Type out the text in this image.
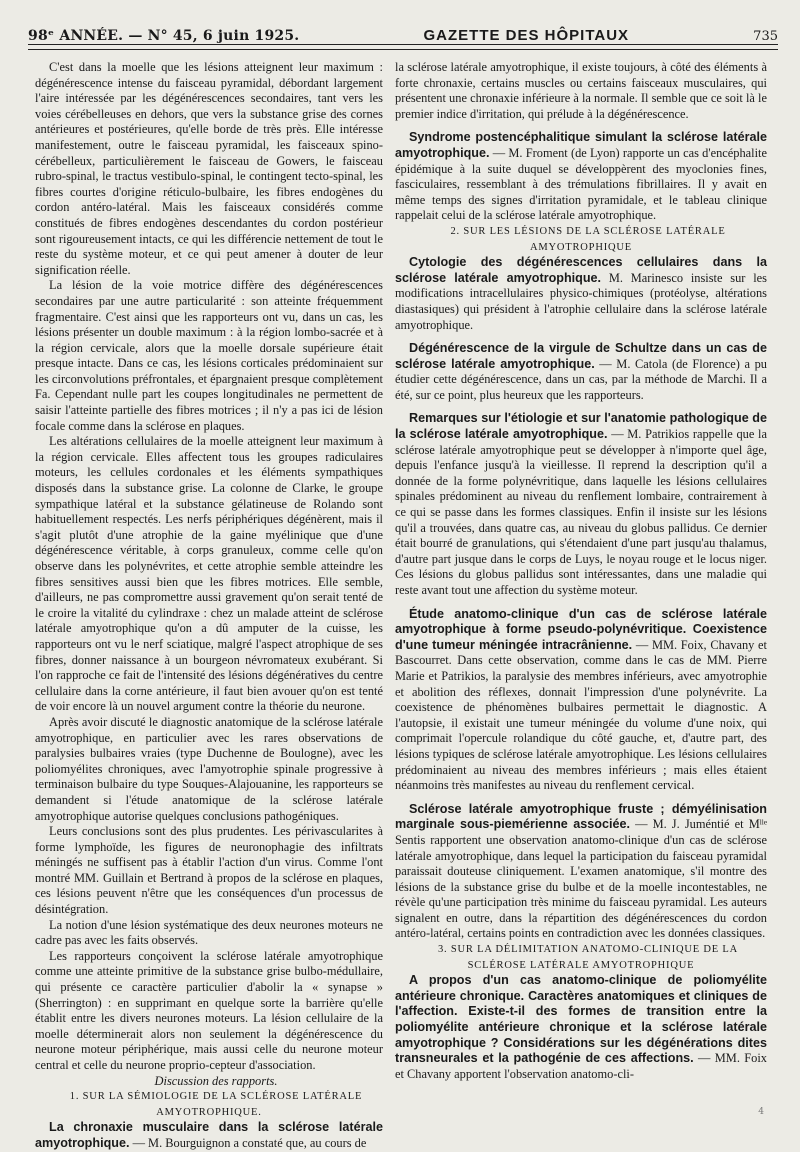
98ᵉ ANNÉE. — N° 45, 6 juin 1925.	GAZETTE DES HÔPITAUX	735

C'est dans la moelle que les lésions atteignent leur maximum : dégénérescence intense du faisceau pyramidal, débordant largement l'aire intéressée par les dégénérescences secondaires, tant vers les voies cérébelleuses en dehors, que vers la substance grise des cornes antérieures et postérieures, qu'elle borde de très près. Elle intéresse manifestement, outre le faisceau pyramidal, les faisceaux spino-cérébelleux, particulièrement le faisceau de Gowers, le faisceau rubro-spinal, le tractus vestibulo-spinal, le contingent tecto-spinal, les fibres courtes d'origine réticulo-bulbaire, les fibres endogènes du cordon antéro-latéral. Mais les faisceaux considérés comme constitués de fibres endogènes descendantes du cordon postérieur sont rigoureusement intacts, ce qui les différencie nettement de tout le reste du système moteur, et ce qui peut amener à douter de leur signification réelle.

La lésion de la voie motrice diffère des dégénérescences secondaires par une autre particularité : son atteinte fréquemment fragmentaire. C'est ainsi que les rapporteurs ont vu, dans un cas, les lésions présenter un double maximum : à la région lombo-sacrée et à la région cervicale, alors que la moelle dorsale supérieure était presque intacte. Dans ce cas, les lésions corticales prédominaient sur les circonvolutions préfrontales, et épargnaient presque complètement Fa. Cependant nulle part les coupes longitudinales ne permettent de saisir l'atteinte partielle des fibres motrices ; il n'y a pas ici de lésion focale comme dans la sclérose en plaques.

Les altérations cellulaires de la moelle atteignent leur maximum à la région cervicale. Elles affectent tous les groupes radiculaires moteurs, les cellules cordonales et les éléments sympathiques disposés dans la substance grise. La colonne de Clarke, le groupe sympathique latéral et la substance gélatineuse de Rolando sont habituellement respectés. Les nerfs périphériques dégénèrent, mais il s'agit plutôt d'une atrophie de la gaine myélinique que d'une dégénérescence véritable, à corps granuleux, comme celle qu'on observe dans les polynévrites, et cette atrophie semble atteindre les fibres sensitives aussi bien que les fibres motrices. Elle semble, d'ailleurs, ne pas compromettre aussi gravement qu'on serait tenté de le croire la vitalité du cylindraxe : chez un malade atteint de sclérose latérale amyotrophique qu'on a dû amputer de la cuisse, les rapporteurs ont vu le nerf sciatique, malgré l'aspect atrophique de ses fibres, donner naissance à un bourgeon névromateux exubérant. Si l'on rapproche ce fait de l'intensité des lésions dégénératives du centre cellulaire dans la corne antérieure, il faut bien avouer qu'on est tenté de voir encore là un nouvel argument contre la théorie du neurone.

Après avoir discuté le diagnostic anatomique de la sclérose latérale amyotrophique, en particulier avec les rares observations de paralysies bulbaires vraies (type Duchenne de Boulogne), avec les poliomyélites chroniques, avec l'amyotrophie spinale progressive à terminaison bulbaire du type Souques-Alajouanine, les rapporteurs se demandent si l'étude anatomique de la sclérose latérale amyotrophique autorise quelques conclusions pathogéniques.

Leurs conclusions sont des plus prudentes. Les périvascularites à forme lymphoïde, les figures de neuronophagie des infiltrats méningés ne suffisent pas à établir l'action d'un virus. Comme l'ont montré MM. Guillain et Bertrand à propos de la sclérose en plaques, ces lésions peuvent n'être que les conséquences d'un processus de désintégration.

La notion d'une lésion systématique des deux neurones moteurs ne cadre pas avec les faits observés.

Les rapporteurs conçoivent la sclérose latérale amyotrophique comme une atteinte primitive de la substance grise bulbo-médullaire, qui présente ce caractère particulier d'abolir la « synapse » (Sherrington) : en supprimant en quelque sorte la barrière qu'elle établit entre les divers neurones moteurs. La lésion cellulaire de la moelle déterminerait alors non seulement la dégénérescence du neurone moteur périphérique, mais aussi celle du neurone moteur central et celle du neurone proprio-cepteur d'association.

Discussion des rapports.

1. SUR LA SÉMIOLOGIE DE LA SCLÉROSE LATÉRALE AMYOTROPHIQUE.

La chronaxie musculaire dans la sclérose latérale amyotrophique. — M. Bourguignon a constaté que, au cours de

la sclérose latérale amyotrophique, il existe toujours, à côté des éléments à forte chronaxie, certains muscles ou certains faisceaux musculaires, qui présentent une chronaxie inférieure à la normale. Il semble que ce soit là le premier indice d'irritation, qui prélude à la dégénérescence.

Syndrome postencéphalitique simulant la sclérose latérale amyotrophique. — M. Froment (de Lyon) rapporte un cas d'encéphalite épidémique à la suite duquel se développèrent des myoclonies fines, fasciculaires, ressemblant à des trémulations fibrillaires. Il y avait en même temps des signes d'irritation pyramidale, et le tableau clinique rappelait celui de la sclérose latérale amyotrophique.

2. SUR LES LÉSIONS DE LA SCLÉROSE LATÉRALE AMYOTROPHIQUE

Cytologie des dégénérescences cellulaires dans la sclérose latérale amyotrophique. M. Marinesco insiste sur les modifications intracellulaires physico-chimiques (protéolyse, altérations diastasiques) qui président à l'atrophie cellulaire dans la sclérose latérale amyotrophique.

Dégénérescence de la virgule de Schultze dans un cas de sclérose latérale amyotrophique. — M. Catola (de Florence) a pu étudier cette dégénérescence, dans un cas, par la méthode de Marchi. Il a été, sur ce point, plus heureux que les rapporteurs.

Remarques sur l'étiologie et sur l'anatomie pathologique de la sclérose latérale amyotrophique. — M. Patrikios rappelle que la sclérose latérale amyotrophique peut se développer à n'importe quel âge, depuis l'enfance jusqu'à la vieillesse. Il reprend la description qu'il a donnée de la forme polynévritique, dans laquelle les lésions cellulaires spinales prédominent au niveau du renflement lombaire, contrairement à ce qui se passe dans les formes classiques. Enfin il insiste sur les lésions qu'il a trouvées, dans quatre cas, au niveau du globus pallidus. Ce dernier était bourré de granulations, qui s'étendaient d'une part jusqu'au thalamus, d'autre part jusque dans le corps de Luys, le noyau rouge et le locus niger. Ces lésions du globus pallidus sont intéressantes, dans une maladie qui reste avant tout une affection du système moteur.

Étude anatomo-clinique d'un cas de sclérose latérale amyotrophique à forme pseudo-polynévritique. Coexistence d'une tumeur méningée intracrânienne. — MM. Foix, Chavany et Bascourret. Dans cette observation, comme dans le cas de MM. Pierre Marie et Patrikios, la paralysie des membres inférieurs, avec amyotrophie et abolition des réflexes, donnait l'impression d'une polynévrite. La coexistence de phénomènes bulbaires permettait le diagnostic. A l'autopsie, il existait une tumeur méningée du volume d'une noix, qui comprimait l'opercule rolandique du côté gauche, et, d'autre part, des lésions typiques de sclérose latérale amyotrophique. Les lésions cellulaires prédominaient au niveau des membres inférieurs ; mais elles étaient néanmoins très manifestes au niveau du renflement cervical.

Sclérose latérale amyotrophique fruste ; démyélinisation marginale sous-piemérienne associée. — M. J. Juméntié et Mˡˡᵉ Sentis rapportent une observation anatomo-clinique d'un cas de sclérose latérale amyotrophique, dans lequel la participation du faisceau pyramidal paraissait douteuse cliniquement. L'examen anatomique, s'il montre des lésions de la substance grise du bulbe et de la moelle incontestables, ne révèle qu'une participation très minime du faisceau pyramidal. Les auteurs signalent en outre, dans la répartition des dégénérescences du cordon antéro-latéral, certains points en contradiction avec les données classiques.

3. SUR LA DÉLIMITATION ANATOMO-CLINIQUE DE LA SCLÉROSE LATÉRALE AMYOTROPHIQUE

A propos d'un cas anatomo-clinique de poliomyélite antérieure chronique. Caractères anatomiques et cliniques de l'affection. Existe-t-il des formes de transition entre la poliomyélite antérieure chronique et la sclérose latérale amyotrophique ? Considérations sur les dégénérations dites transneurales et la pathogénie de ces affections. — MM. Foix et Chavany apportent l'observation anatomo-cli-

4
